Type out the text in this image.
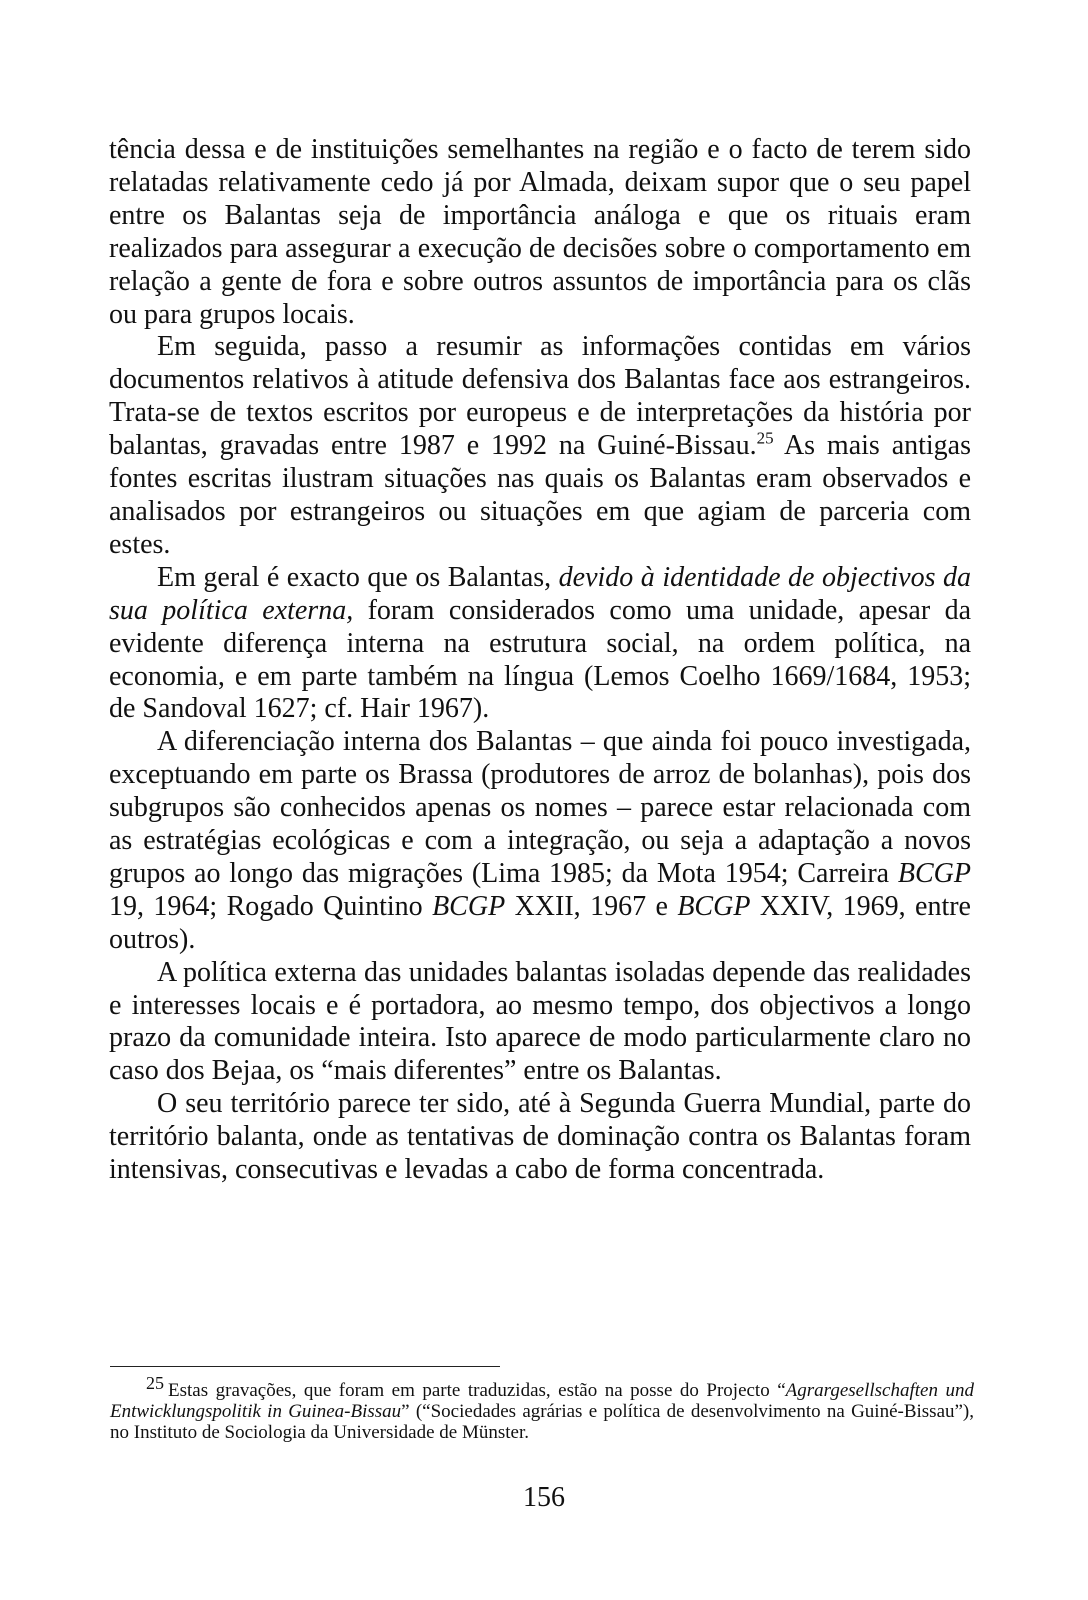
tência dessa e de instituições semelhantes na região e o facto de terem sido relatadas relativamente cedo já por Almada, deixam supor que o seu papel entre os Balantas seja de importância análoga e que os rituais eram realizados para assegurar a execução de decisões sobre o comportamento em relação a gente de fora e sobre outros assuntos de importância para os clãs ou para grupos locais.

Em seguida, passo a resumir as informações contidas em vários documentos relativos à atitude defensiva dos Balantas face aos estrangeiros. Trata-se de textos escritos por europeus e de interpretações da história por balantas, gravadas entre 1987 e 1992 na Guiné-Bissau.$^{25}$ As mais antigas fontes escritas ilustram situações nas quais os Balantas eram observados e analisados por estrangeiros ou situações em que agiam de parceria com estes.

Em geral é exacto que os Balantas, devido à identidade de objectivos da sua política externa, foram considerados como uma unidade, apesar da evidente diferença interna na estrutura social, na ordem política, na economia, e em parte também na língua (Lemos Coelho 1669/1684, 1953; de Sandoval 1627; cf. Hair 1967).

A diferenciação interna dos Balantas – que ainda foi pouco investigada, exceptuando em parte os Brassa (produtores de arroz de bolanhas), pois dos subgrupos são conhecidos apenas os nomes – parece estar relacionada com as estratégias ecológicas e com a integração, ou seja a adaptação a novos grupos ao longo das migrações (Lima 1985; da Mota 1954; Carreira BCGP 19, 1964; Rogado Quintino BCGP XXII, 1967 e BCGP XXIV, 1969, entre outros).

A política externa das unidades balantas isoladas depende das realidades e interesses locais e é portadora, ao mesmo tempo, dos objectivos a longo prazo da comunidade inteira. Isto aparece de modo particularmente claro no caso dos Bejaa, os “mais diferentes” entre os Balantas.

O seu território parece ter sido, até à Segunda Guerra Mundial, parte do território balanta, onde as tentativas de dominação contra os Balantas foram intensivas, consecutivas e levadas a cabo de forma concentrada.

25 Estas gravações, que foram em parte traduzidas, estão na posse do Projecto “Agrargesellschaften und Entwicklungspolitik in Guinea-Bissau” (“Sociedades agrárias e política de desenvolvimento na Guiné-Bissau”), no Instituto de Sociologia da Universidade de Münster.

156
